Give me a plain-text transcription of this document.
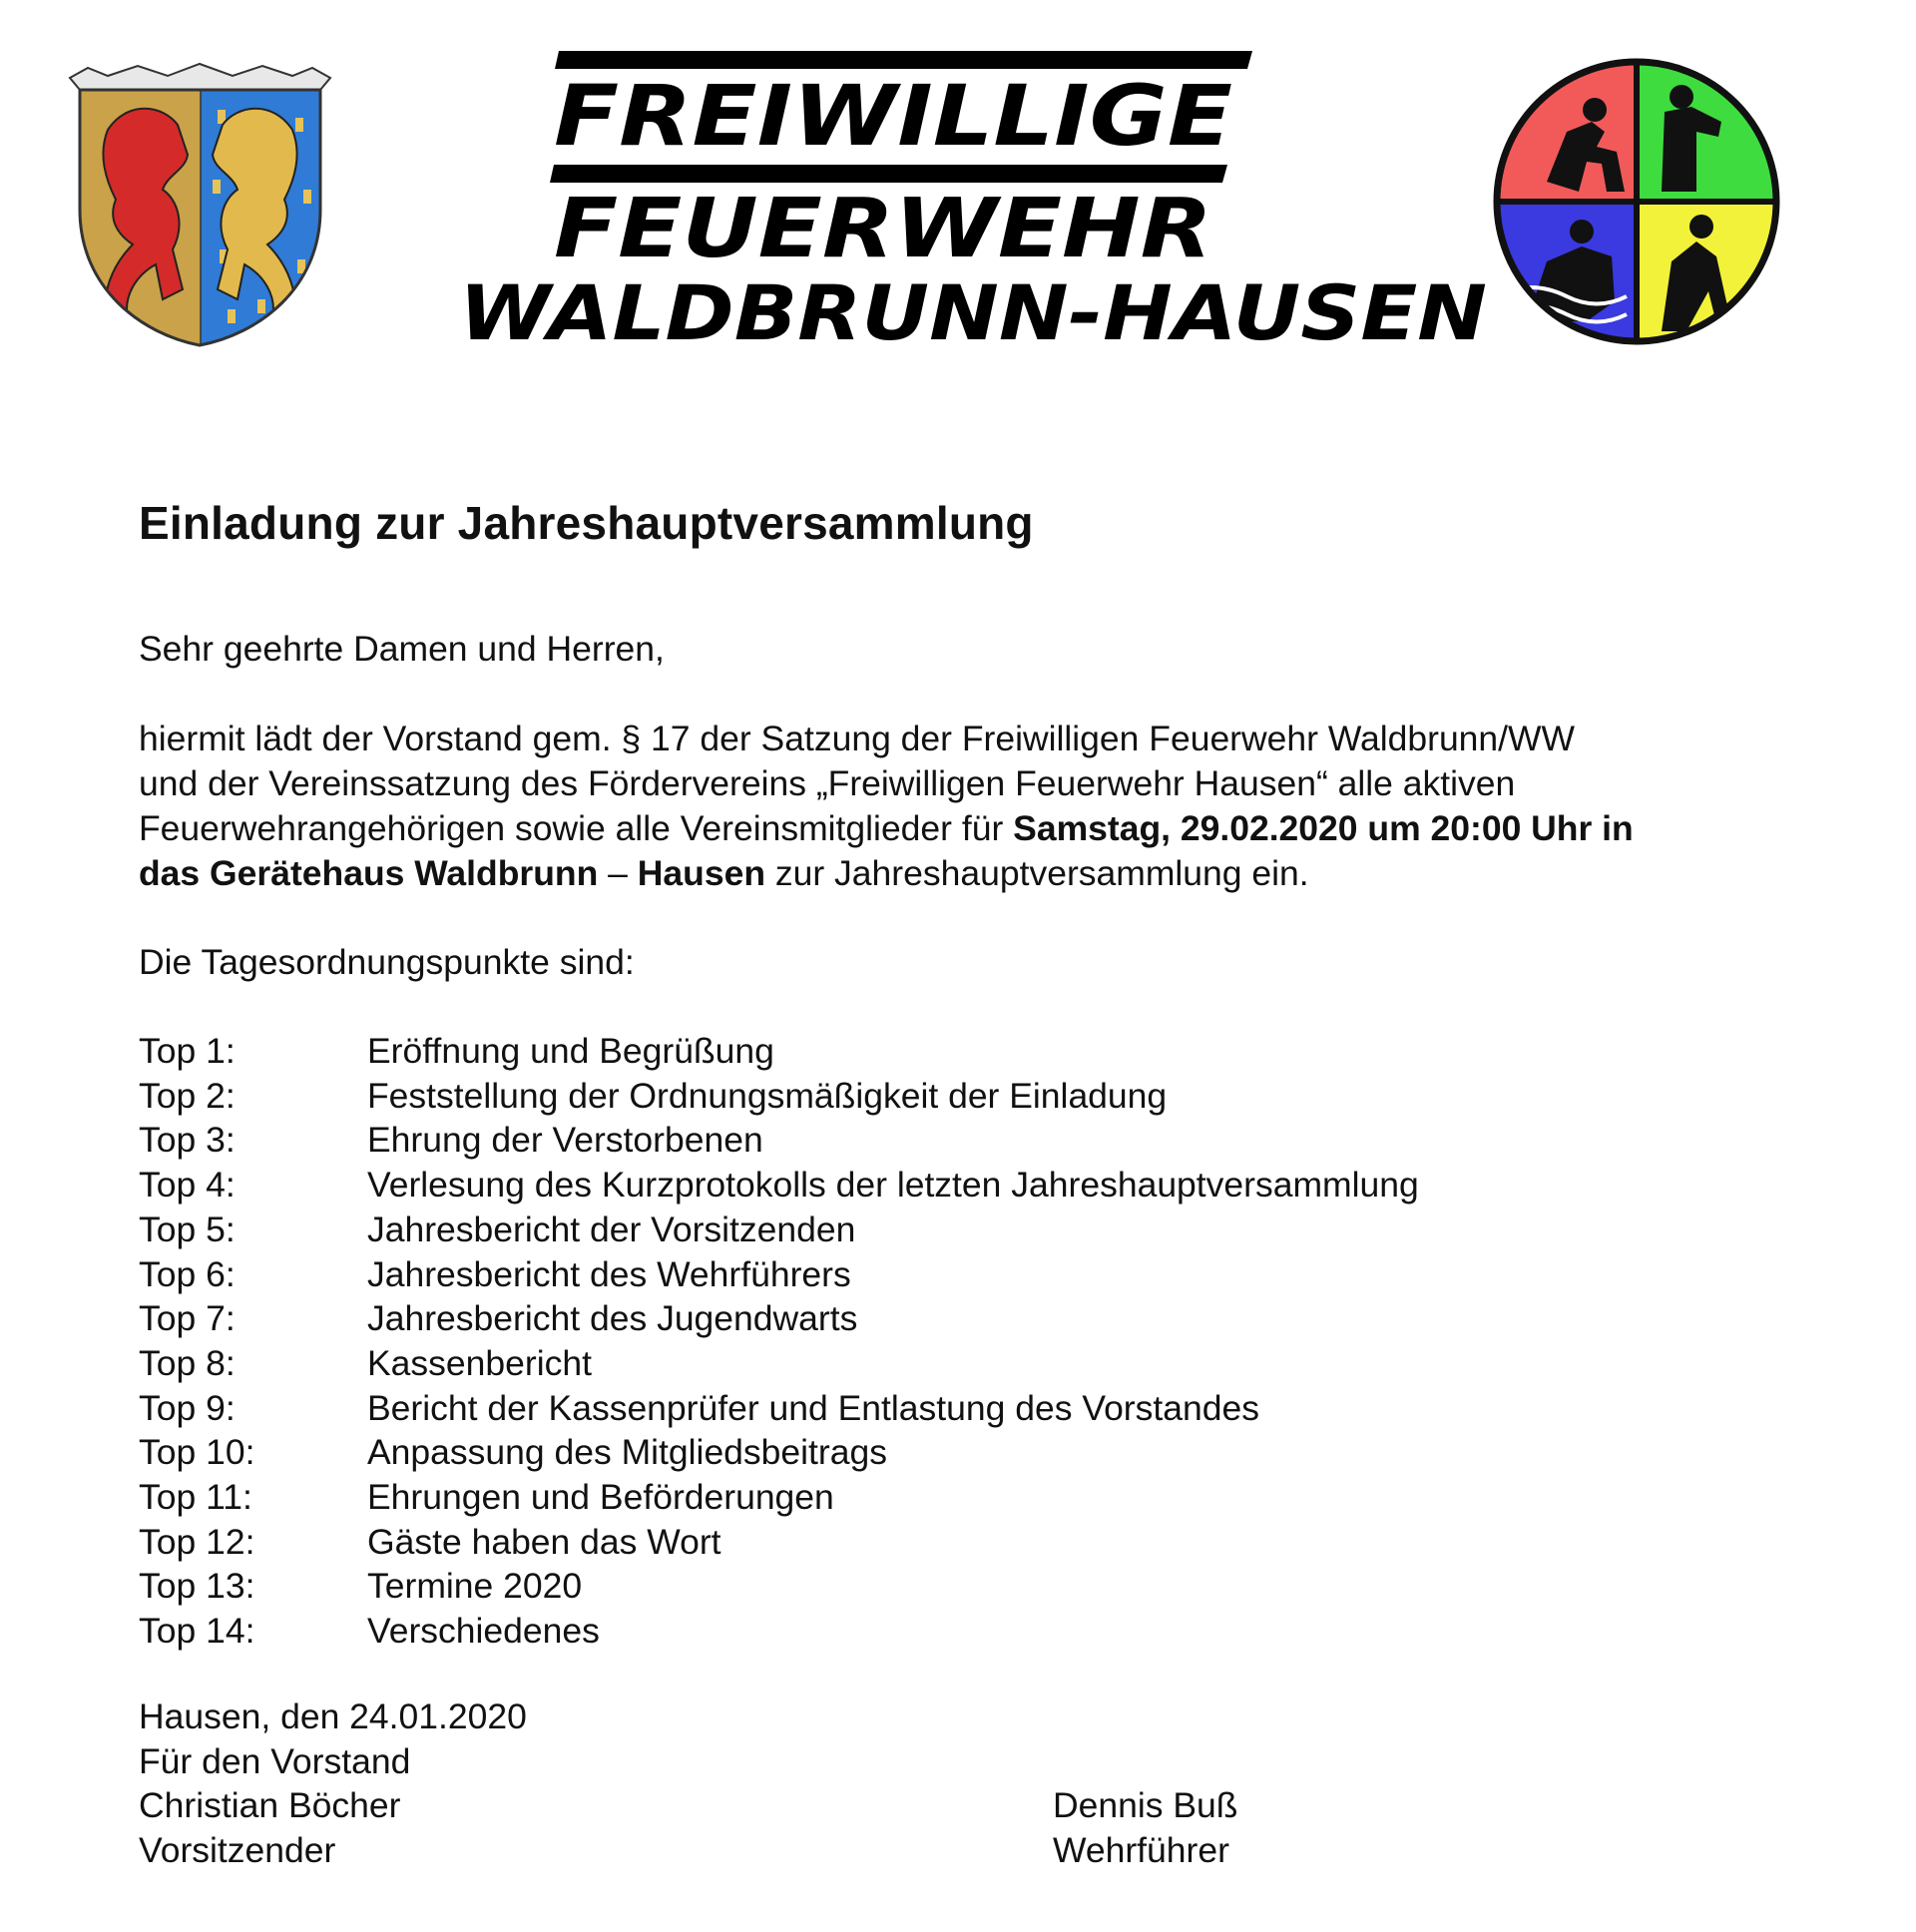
FREIWILLIGE
FEUERWEHR
WALDBRUNN-HAUSEN
Einladung zur Jahreshauptversammlung
Sehr geehrte Damen und Herren,
hiermit lädt der Vorstand gem. § 17 der Satzung der Freiwilligen Feuerwehr Waldbrunn/WW
und der Vereinssatzung des Fördervereins „Freiwilligen Feuerwehr Hausen“ alle aktiven
Feuerwehrangehörigen sowie alle Vereinsmitglieder für Samstag, 29.02.2020 um 20:00 Uhr in
das Gerätehaus Waldbrunn – Hausen zur Jahreshauptversammlung ein.
Die Tagesordnungspunkte sind:
Top 1:	Eröffnung und Begrüßung
Top 2:	Feststellung der Ordnungsmäßigkeit der Einladung
Top 3:	Ehrung der Verstorbenen
Top 4:	Verlesung des Kurzprotokolls der letzten Jahreshauptversammlung
Top 5:	Jahresbericht der Vorsitzenden
Top 6:	Jahresbericht des Wehrführers
Top 7:	Jahresbericht des Jugendwarts
Top 8:	Kassenbericht
Top 9:	Bericht der Kassenprüfer und Entlastung des Vorstandes
Top 10:	Anpassung des Mitgliedsbeitrags
Top 11:	Ehrungen und Beförderungen
Top 12:	Gäste haben das Wort
Top 13:	Termine 2020
Top 14:	Verschiedenes
Hausen, den 24.01.2020
Für den Vorstand
Christian Böcher
Vorsitzender
Dennis Buß
Wehrführer
